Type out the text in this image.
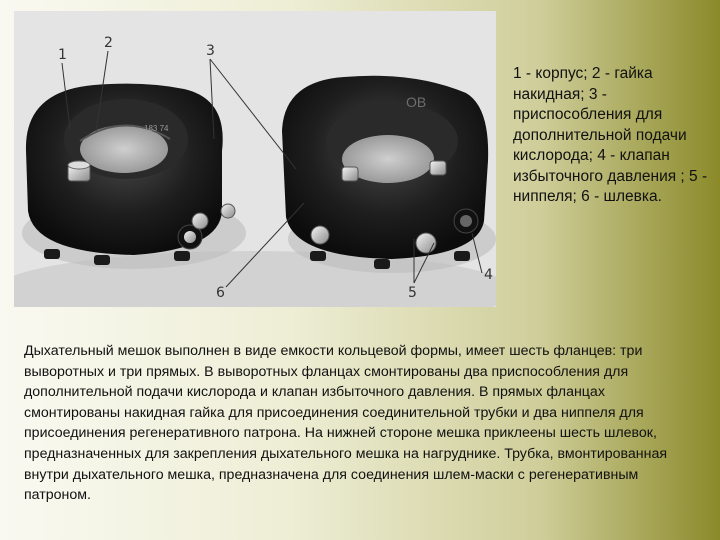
183 74
ОВ
1
2	3
4
5
6
1 - корпус; 2 - гайка накидная; 3 - приспособления для дополнительной подачи кислорода; 4 - клапан избыточного давления ; 5 - ниппеля; 6 - шлевка.
Дыхательный мешок выполнен в виде емкости кольцевой формы, имеет шесть фланцев: три выворотных и три прямых. В выворотных фланцах смонтированы два приспособления для дополнительной подачи кислорода и клапан избыточного давления. В прямых фланцах смонтированы накидная гайка для присоединения соединительной трубки и два ниппеля для присоединения регенеративного патрона. На нижней стороне мешка приклеены шесть шлевок, предназначенных для закрепления дыхательного мешка на нагруднике. Трубка, вмонтированная внутри дыхательного мешка, предназначена для соединения шлем-маски с регенеративным патроном.
